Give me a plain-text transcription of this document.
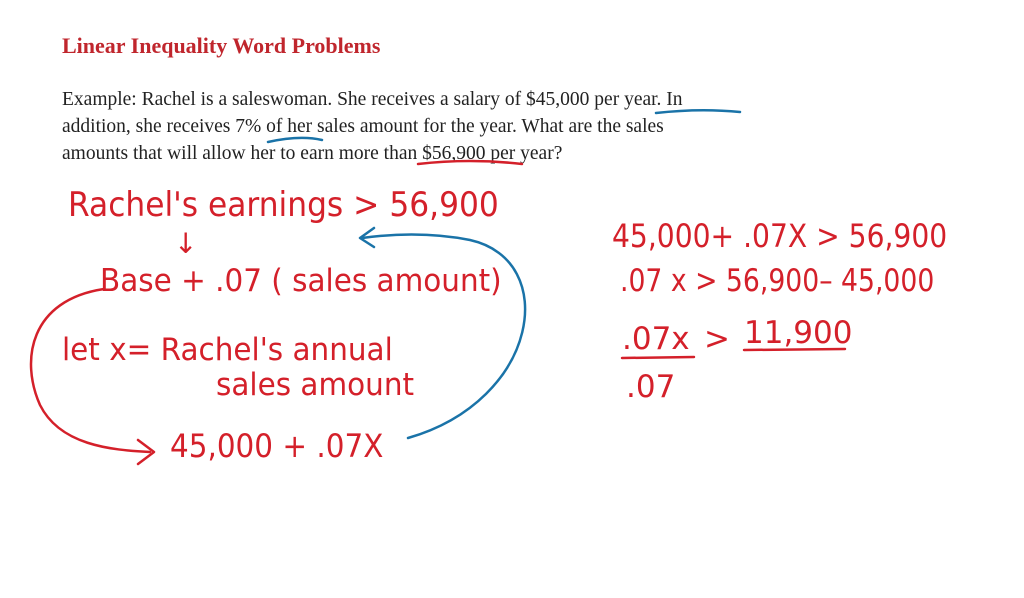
Linear Inequality Word Problems
Example: Rachel is a saleswoman. She receives a salary of $45,000 per year. In
addition, she receives 7% of her sales amount for the year. What are the sales
amounts that will allow her to earn more than $56,900 per year?
Rachel's earnings > 56,900
↓
Base + .07 ( sales amount)
let x= Rachel's annual
sales amount
45,000 + .07X
45,000+ .07X > 56,900
.07 x > 56,900– 45,000
.07x > 11,900
.07
